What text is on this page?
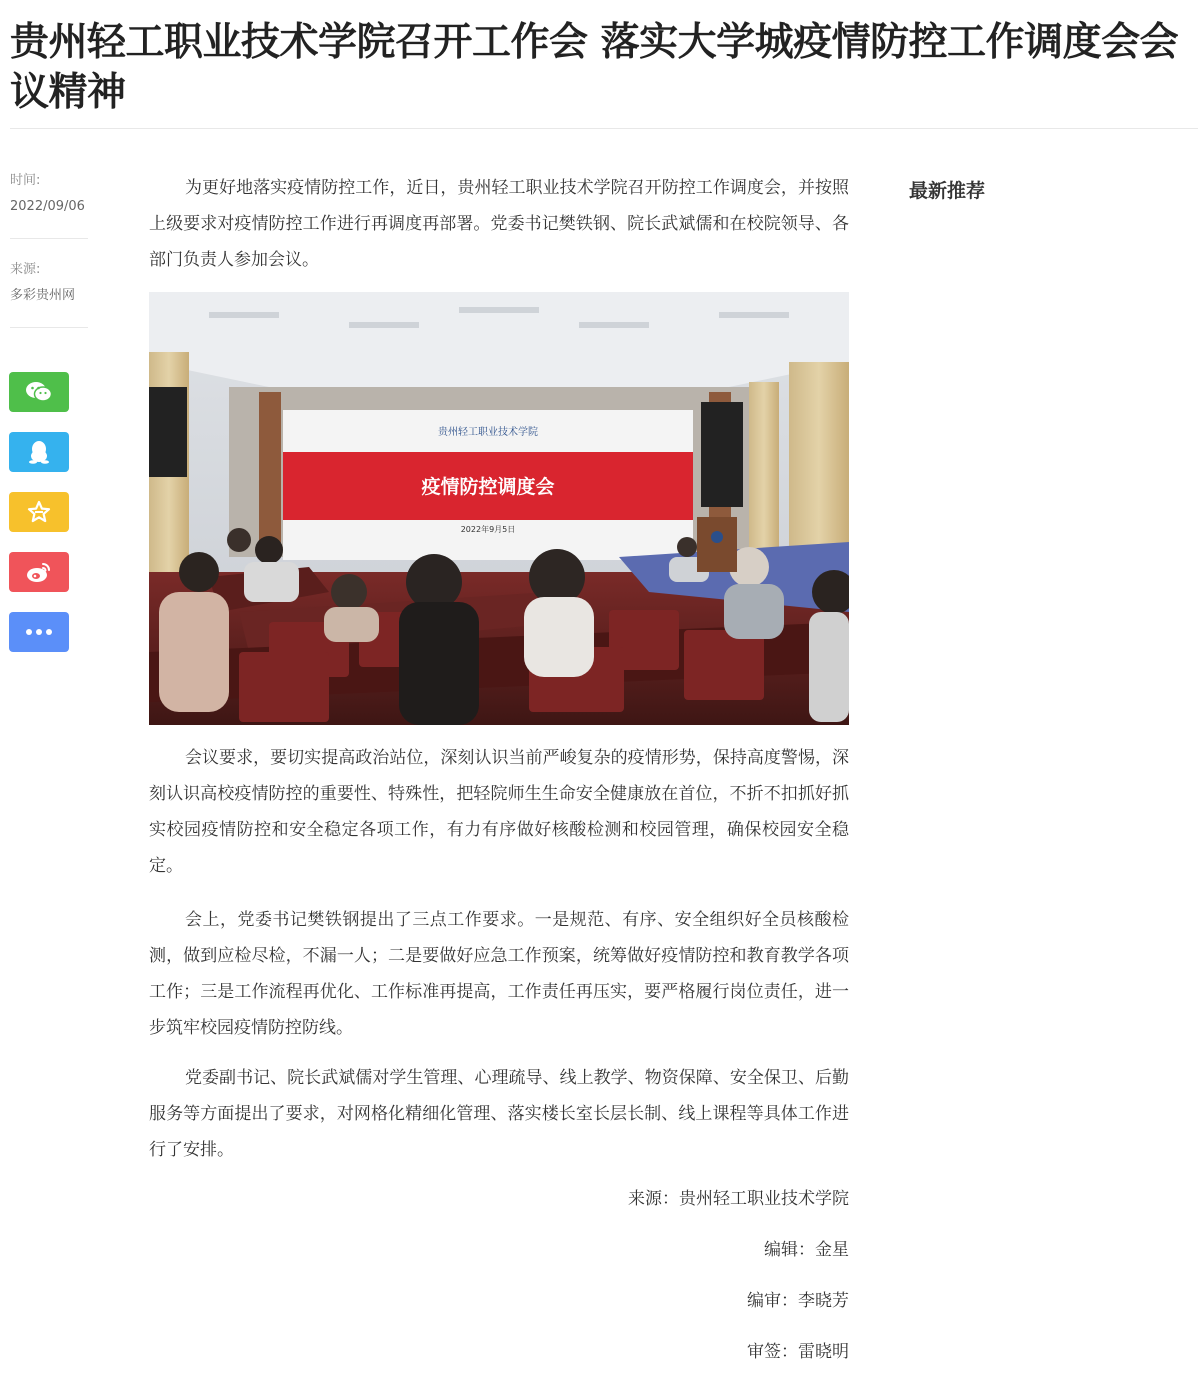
贵州轻工职业技术学院召开工作会 落实大学城疫情防控工作调度会会议精神
时间:
2022/09/06
来源:
多彩贵州网

为更好地落实疫情防控工作，近日，贵州轻工职业技术学院召开防控工作调度会，并按照上级要求对疫情防控工作进行再调度再部署。党委书记樊铁钢、院长武斌儒和在校院领导、各部门负责人参加会议。

贵州轻工职业技术学院
疫情防控调度会
2022年9月5日

会议要求，要切实提高政治站位，深刻认识当前严峻复杂的疫情形势，保持高度警惕，深刻认识高校疫情防控的重要性、特殊性，把轻院师生生命安全健康放在首位，不折不扣抓好抓实校园疫情防控和安全稳定各项工作，有力有序做好核酸检测和校园管理，确保校园安全稳定。

会上，党委书记樊铁钢提出了三点工作要求。一是规范、有序、安全组织好全员核酸检测，做到应检尽检，不漏一人；二是要做好应急工作预案，统筹做好疫情防控和教育教学各项工作；三是工作流程再优化、工作标准再提高，工作责任再压实，要严格履行岗位责任，进一步筑牢校园疫情防控防线。

党委副书记、院长武斌儒对学生管理、心理疏导、线上教学、物资保障、安全保卫、后勤服务等方面提出了要求，对网格化精细化管理、落实楼长室长层长制、线上课程等具体工作进行了安排。

来源：贵州轻工职业技术学院
编辑：金星
编审：李晓芳
审签：雷晓明
最新推荐
